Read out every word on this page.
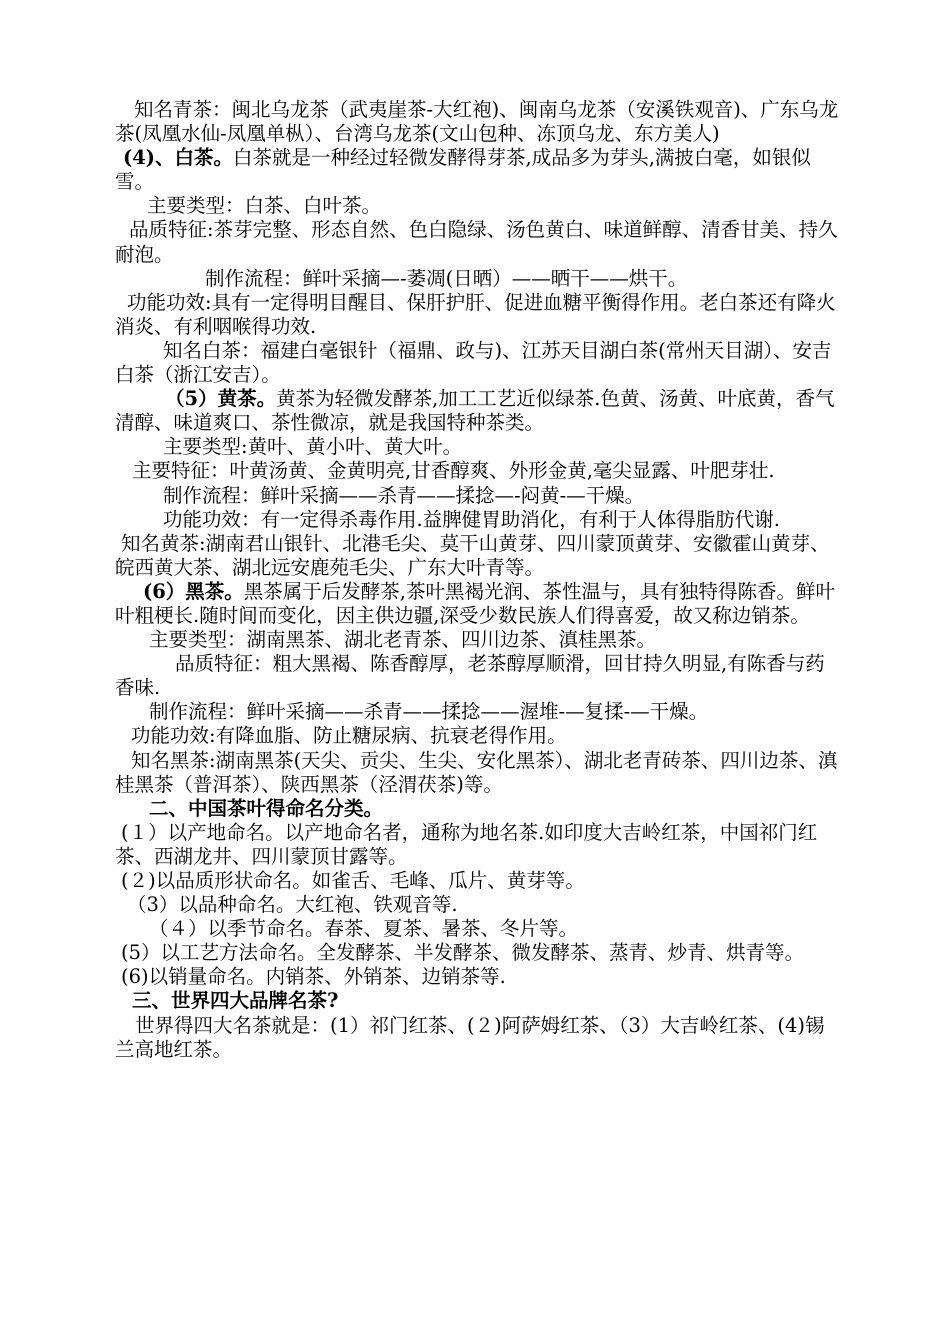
知名青茶：闽北乌龙茶（武夷崖茶-大红袍)、闽南乌龙茶（安溪铁观音)、广东乌龙茶(凤凰水仙-凤凰单枞）、台湾乌龙茶(文山包种、冻顶乌龙、东方美人)

(4)、白茶。白茶就是一种经过轻微发酵得芽茶,成品多为芽头,满披白毫，如银似雪。

主要类型：白茶、白叶茶。

品质特征:茶芽完整、形态自然、色白隐绿、汤色黄白、味道鲜醇、清香甘美、持久耐泡。

制作流程：鲜叶采摘—-萎凋(日晒）——晒干——烘干。

功能功效:具有一定得明目醒目、保肝护肝、促进血糖平衡得作用。老白茶还有降火消炎、有利咽喉得功效.

知名白茶：福建白毫银针（福鼎、政与)、江苏天目湖白茶(常州天目湖）、安吉白茶（浙江安吉）。

（5）黄茶。黄茶为轻微发酵茶,加工工艺近似绿茶.色黄、汤黄、叶底黄，香气清醇、味道爽口、茶性微凉，就是我国特种茶类。

主要类型:黄叶、黄小叶、黄大叶。

主要特征：叶黄汤黄、金黄明亮,甘香醇爽、外形金黄,毫尖显露、叶肥芽壮.

制作流程：鲜叶采摘——杀青——揉捻—-闷黄-—干燥。

功能功效：有一定得杀毒作用.益脾健胃助消化，有利于人体得脂肪代谢.

知名黄茶:湖南君山银针、北港毛尖、莫干山黄芽、四川蒙顶黄芽、安徽霍山黄芽、皖西黄大茶、湖北远安鹿苑毛尖、广东大叶青等。

(6）黑茶。黑茶属于后发酵茶,茶叶黑褐光润、茶性温与，具有独特得陈香。鲜叶叶粗梗长.随时间而变化，因主供边疆,深受少数民族人们得喜爱，故又称边销茶。

主要类型：湖南黑茶、湖北老青茶、四川边茶、滇桂黑茶。

品质特征：粗大黑褐、陈香醇厚，老茶醇厚顺滑，回甘持久明显,有陈香与药香味.

制作流程：鲜叶采摘——杀青——揉捻——渥堆-—复揉-—干燥。

功能功效:有降血脂、防止糖尿病、抗衰老得作用。

知名黑茶:湖南黑茶(天尖、贡尖、生尖、安化黑茶）、湖北老青砖茶、四川边茶、滇桂黑茶（普洱茶）、陕西黑茶（泾渭茯茶)等。

二、中国茶叶得命名分类。

(１）以产地命名。以产地命名者，通称为地名茶.如印度大吉岭红茶，中国祁门红茶、西湖龙井、四川蒙顶甘露等。

(２)以品质形状命名。如雀舌、毛峰、瓜片、黄芽等。

（3）以品种命名。大红袍、铁观音等.

（４）以季节命名。春茶、夏茶、暑茶、冬片等。

(5）以工艺方法命名。全发酵茶、半发酵茶、微发酵茶、蒸青、炒青、烘青等。

(6)以销量命名。内销茶、外销茶、边销茶等.

三、世界四大品牌名茶?

世界得四大名茶就是：(1）祁门红茶、(２)阿萨姆红茶、（3）大吉岭红茶、(4)锡兰高地红茶。
